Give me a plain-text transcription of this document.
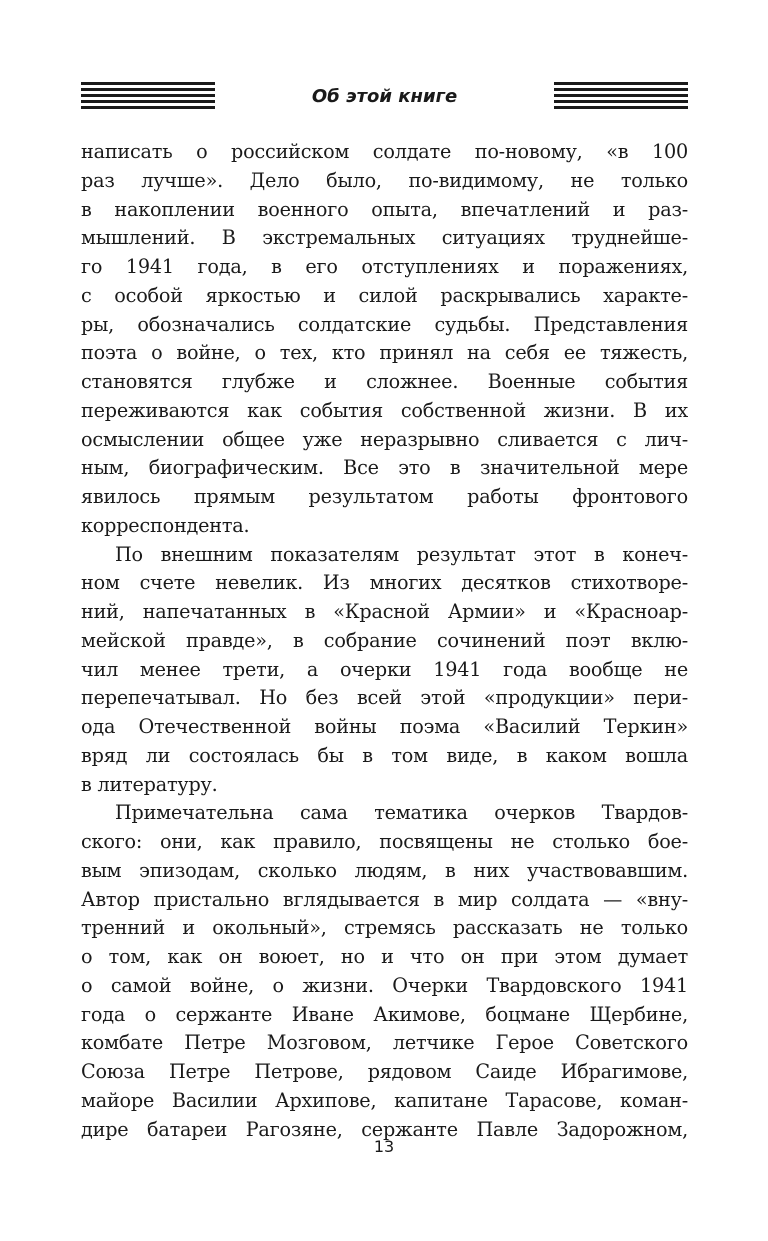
Об этой книге
написать о российском солдате по-новому, «в 100
раз лучше». Дело было, по-видимому, не только
в накоплении военного опыта, впечатлений и раз-
мышлений. В экстремальных ситуациях труднейше-
го 1941 года, в его отступлениях и поражениях,
с особой яркостью и силой раскрывались характе-
ры, обозначались солдатские судьбы. Представления
поэта о войне, о тех, кто принял на себя ее тяжесть,
становятся глубже и сложнее. Военные события
переживаются как события собственной жизни. В их
осмыслении общее уже неразрывно сливается с лич-
ным, биографическим. Все это в значительной мере
явилось прямым результатом работы фронтового
корреспондента.
По внешним показателям результат этот в конеч-
ном счете невелик. Из многих десятков стихотворе-
ний, напечатанных в «Красной Армии» и «Красноар-
мейской правде», в собрание сочинений поэт вклю-
чил менее трети, а очерки 1941 года вообще не
перепечатывал. Но без всей этой «продукции» пери-
ода Отечественной войны поэма «Василий Теркин»
вряд ли состоялась бы в том виде, в каком вошла
в литературу.
Примечательна сама тематика очерков Твардов-
ского: они, как правило, посвящены не столько бое-
вым эпизодам, сколько людям, в них участвовавшим.
Автор пристально вглядывается в мир солдата — «вну-
тренний и окольный», стремясь рассказать не только
о том, как он воюет, но и что он при этом думает
о самой войне, о жизни. Очерки Твардовского 1941
года о сержанте Иване Акимове, боцмане Щербине,
комбате Петре Мозговом, летчике Герое Советского
Союза Петре Петрове, рядовом Саиде Ибрагимове,
майоре Василии Архипове, капитане Тарасове, коман-
дире батареи Рагозяне, сержанте Павле Задорожном,
13
